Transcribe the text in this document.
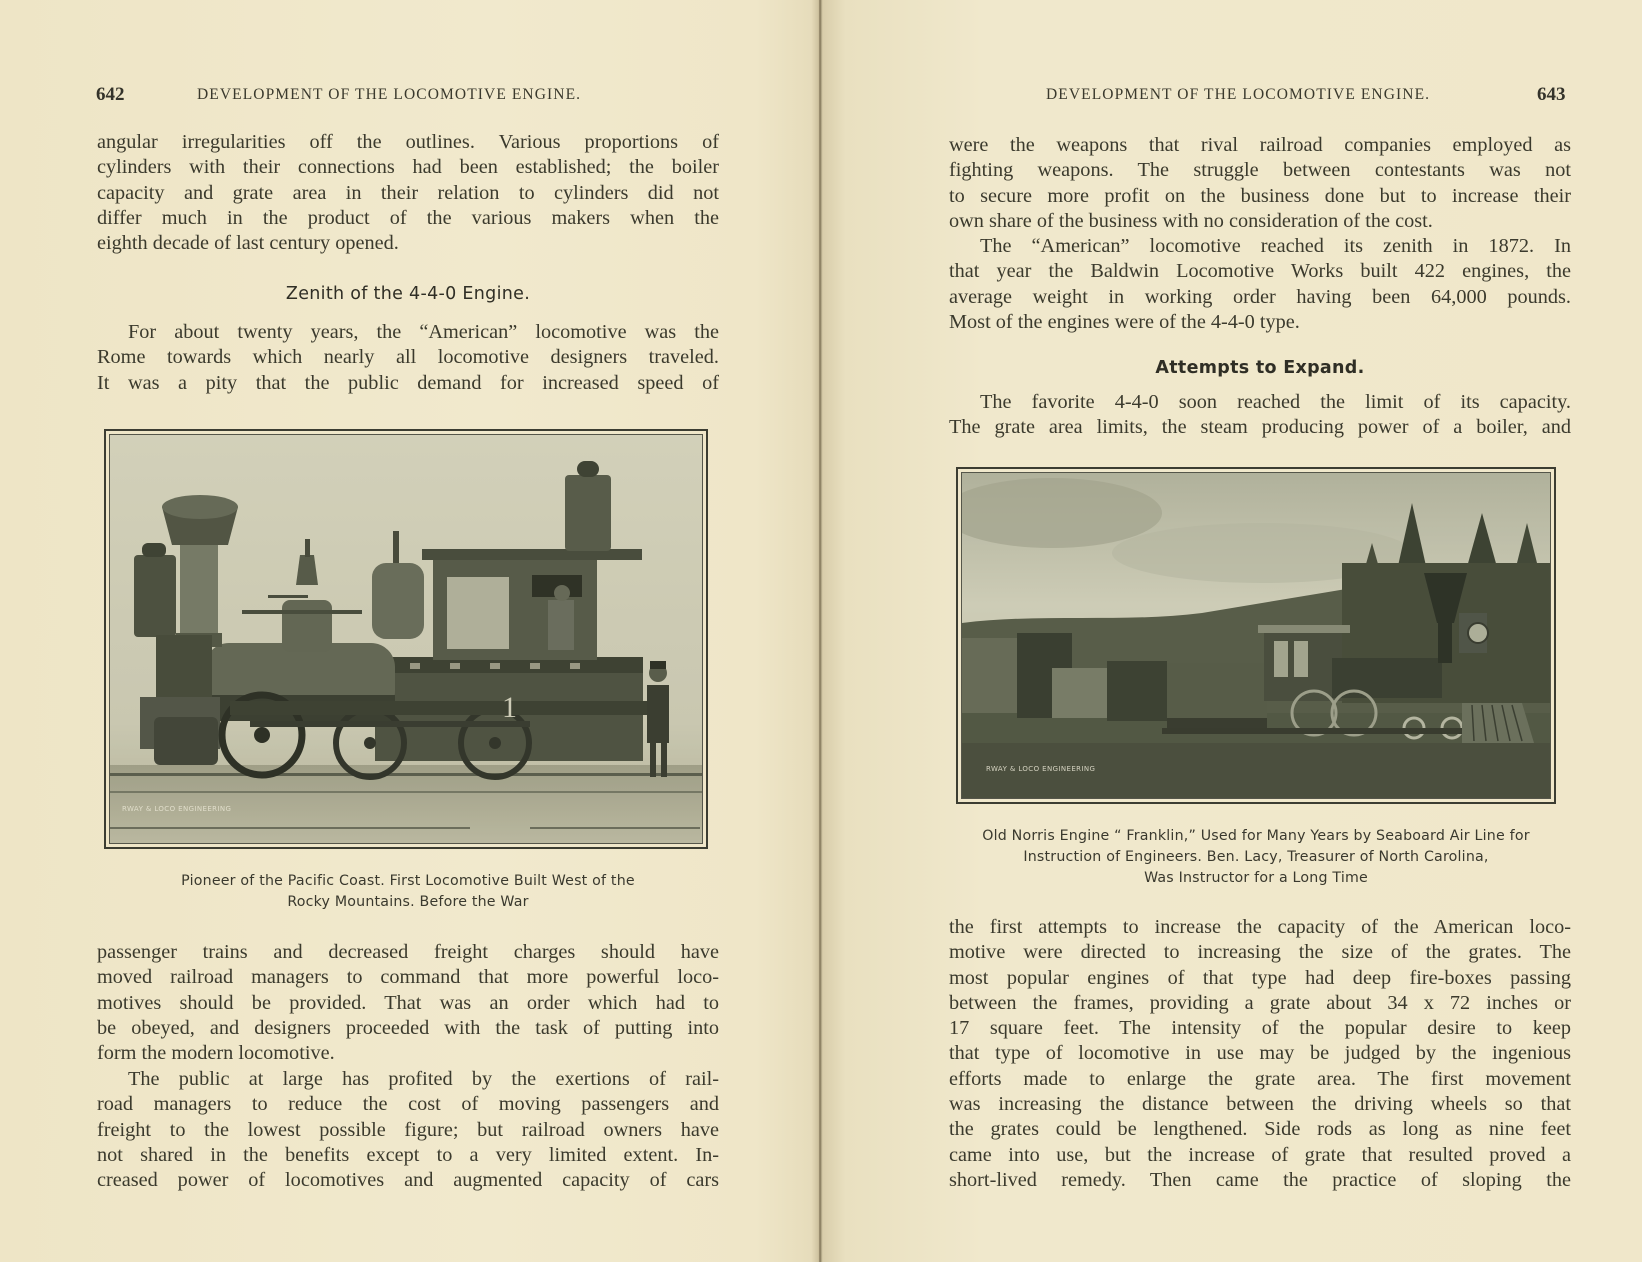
642	DEVELOPMENT OF THE LOCOMOTIVE ENGINE.
angular irregularities off the outlines. Various proportions of
cylinders with their connections had been established; the boiler
capacity and grate area in their relation to cylinders did not
differ much in the product of the various makers when the
eighth decade of last century opened.
Zenith of the 4-4-0 Engine.
For about twenty years, the “American” locomotive was the
Rome towards which nearly all locomotive designers traveled.
It was a pity that the public demand for increased speed of
1
RWAY & LOCO ENGINEERING
Pioneer of the Pacific Coast. First Locomotive Built West of the
Rocky Mountains. Before the War
passenger trains and decreased freight charges should have
moved railroad managers to command that more powerful loco-
motives should be provided. That was an order which had to
be obeyed, and designers proceeded with the task of putting into
form the modern locomotive.
The public at large has profited by the exertions of rail-
road managers to reduce the cost of moving passengers and
freight to the lowest possible figure; but railroad owners have
not shared in the benefits except to a very limited extent. In-
creased power of locomotives and augmented capacity of cars
DEVELOPMENT OF THE LOCOMOTIVE ENGINE.	643
were the weapons that rival railroad companies employed as
fighting weapons. The struggle between contestants was not
to secure more profit on the business done but to increase their
own share of the business with no consideration of the cost.
The “American” locomotive reached its zenith in 1872. In
that year the Baldwin Locomotive Works built 422 engines, the
average weight in working order having been 64,000 pounds.
Most of the engines were of the 4-4-0 type.
Attempts to Expand.
The favorite 4-4-0 soon reached the limit of its capacity.
The grate area limits, the steam producing power of a boiler, and
RWAY & LOCO ENGINEERING
Old Norris Engine “ Franklin,” Used for Many Years by Seaboard Air Line for
Instruction of Engineers. Ben. Lacy, Treasurer of North Carolina,
Was Instructor for a Long Time
the first attempts to increase the capacity of the American loco-
motive were directed to increasing the size of the grates. The
most popular engines of that type had deep fire-boxes passing
between the frames, providing a grate about 34 x 72 inches or
17 square feet. The intensity of the popular desire to keep
that type of locomotive in use may be judged by the ingenious
efforts made to enlarge the grate area. The first movement
was increasing the distance between the driving wheels so that
the grates could be lengthened. Side rods as long as nine feet
came into use, but the increase of grate that resulted proved a
short-lived remedy. Then came the practice of sloping the
